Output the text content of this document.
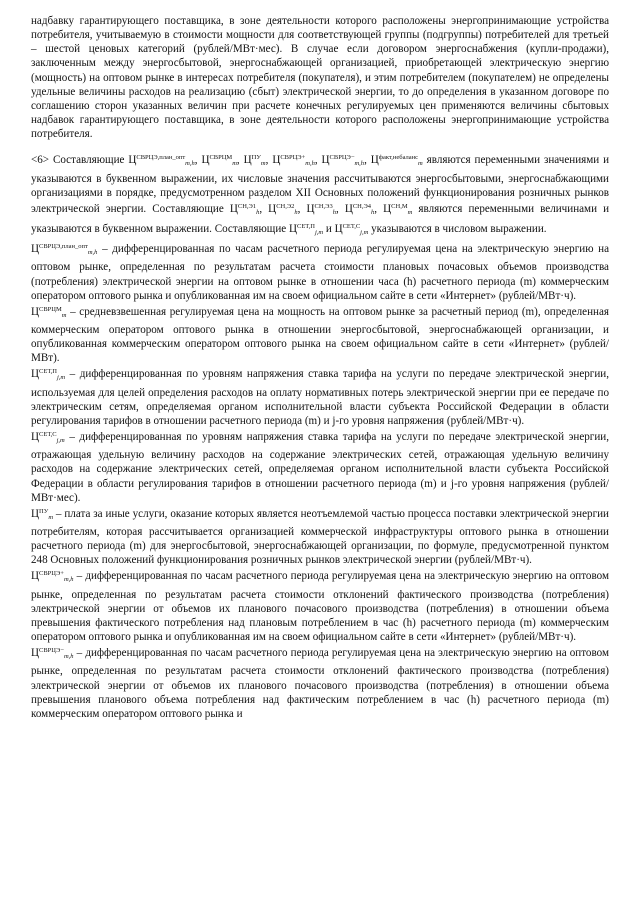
надбавку гарантирующего поставщика, в зоне деятельности которого расположены энергопринимающие устройства потребителя, учитываемую в стоимости мощности для соответствующей группы (подгруппы) потребителей для третьей – шестой ценовых категорий (рублей/МВт·мес). В случае если договором энергоснабжения (купли-продажи), заключенным между энергосбытовой, энергоснабжающей организацией, приобретающей электрическую энергию (мощность) на оптовом рынке в интересах потребителя (покупателя), и этим потребителем (покупателем) не определены удельные величины расходов на реализацию (сбыт) электрической энергии, то до определения в указанном договоре по соглашению сторон указанных величин при расчете конечных регулируемых цен применяются величины сбытовых надбавок гарантирующего поставщика, в зоне деятельности которого расположены энергопринимающие устройства потребителя.

<6> Составляющие $Ц^{СВРЦЭ,план\_опт}_{m,h}$, $Ц^{СВРЦМ}_m$, $Ц^{ПУ}_m$, $Ц^{СВРЦЭ+}_{m,h}$, $Ц^{СВРЦЭ-}_{m,h}$, $Ц^{факт,небаланс}_m$ являются переменными значениями и указываются в буквенном выражении, их числовые значения рассчитываются энергосбытовыми, энергоснабжающими организациями в порядке, предусмотренном разделом XII Основных положений функционирования розничных рынков электрической энергии. Составляющие $Ц^{СН,Э1}_h$, $Ц^{СН,Э2}_h$, $Ц^{СН,Э3}_h$, $Ц^{СН,Э4}_h$, $Ц^{СН,М}_m$ являются переменными величинами и указываются в буквенном выражении. Составляющие $Ц^{СЕТ,П}_{j,m}$ и $Ц^{СЕТ,С}_{j,m}$ указываются в числовом выражении.

$Ц^{СВРЦЭ,план\_опт}_{m,h}$ – дифференцированная по часам расчетного периода регулируемая цена на электрическую энергию на оптовом рынке, определенная по результатам расчета стоимости плановых почасовых объемов производства (потребления) электрической энергии на оптовом рынке в отношении часа (h) расчетного периода (m) коммерческим оператором оптового рынка и опубликованная им на своем официальном сайте в сети «Интернет» (рублей/МВт·ч).

$Ц^{СВРЦМ}_m$ – средневзвешенная регулируемая цена на мощность на оптовом рынке за расчетный период (m), определенная коммерческим оператором оптового рынка в отношении энергосбытовой, энергоснабжающей организации, и опубликованная коммерческим оператором оптового рынка на своем официальном сайте в сети «Интернет» (рублей/МВт).

$Ц^{СЕТ,П}_{j,m}$ – дифференцированная по уровням напряжения ставка тарифа на услуги по передаче электрической энергии, используемая для целей определения расходов на оплату нормативных потерь электрической энергии при ее передаче по электрическим сетям, определяемая органом исполнительной власти субъекта Российской Федерации в области регулирования тарифов в отношении расчетного периода (m) и j-го уровня напряжения (рублей/МВт·ч).

$Ц^{СЕТ,С}_{j,m}$ – дифференцированная по уровням напряжения ставка тарифа на услуги по передаче электрической энергии, отражающая удельную величину расходов на содержание электрических сетей, отражающая удельную величину расходов на содержание электрических сетей, определяемая органом исполнительной власти субъекта Российской Федерации в области регулирования тарифов в отношении расчетного периода (m) и j-го уровня напряжения (рублей/МВт·мес).

$Ц^{ПУ}_m$ – плата за иные услуги, оказание которых является неотъемлемой частью процесса поставки электрической энергии потребителям, которая рассчитывается организацией коммерческой инфраструктуры оптового рынка в отношении расчетного периода (m) для энергосбытовой, энергоснабжающей организации, по формуле, предусмотренной пунктом 248 Основных положений функционирования розничных рынков электрической энергии (рублей/МВт·ч).

$Ц^{СВРЦЭ+}_{m,h}$ – дифференцированная по часам расчетного периода регулируемая цена на электрическую энергию на оптовом рынке, определенная по результатам расчета стоимости отклонений фактического производства (потребления) электрической энергии от объемов их планового почасового производства (потребления) в отношении объема превышения фактического потребления над плановым потреблением в час (h) расчетного периода (m) коммерческим оператором оптового рынка и опубликованная им на своем официальном сайте в сети «Интернет» (рублей/МВт·ч).

$Ц^{СВРЦЭ-}_{m,h}$ – дифференцированная по часам расчетного периода регулируемая цена на электрическую энергию на оптовом рынке, определенная по результатам расчета стоимости отклонений фактического производства (потребления) электрической энергии от объемов их планового почасового производства (потребления) в отношении объема превышения планового объема потребления над фактическим потреблением в час (h) расчетного периода (m) коммерческим оператором оптового рынка и
